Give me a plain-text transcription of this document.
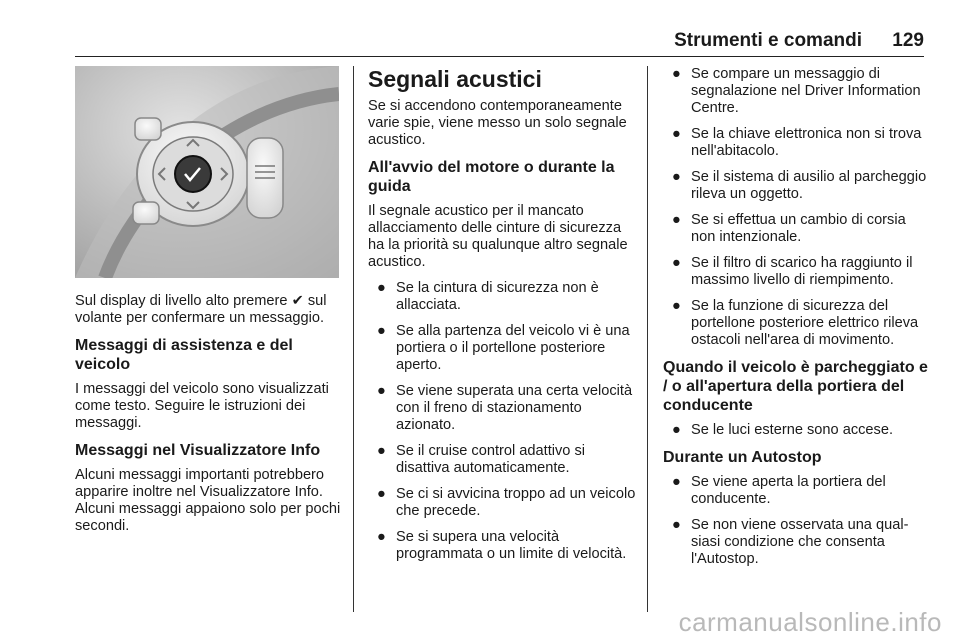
Strumenti e comandi 129

Sul display di livello alto premere ✔ sul volante per confermare un messaggio.

Messaggi di assistenza e del veicolo

I messaggi del veicolo sono visualizzati come testo. Seguire le istruzioni dei messaggi.

Messaggi nel Visualizzatore Info

Alcuni messaggi importanti potrebbero apparire inoltre nel Visualizzatore Info. Alcuni messaggi appaiono solo per pochi secondi.

Segnali acustici

Se si accendono contemporaneamente varie spie, viene messo un solo segnale acustico.

All'avvio del motore o durante la guida

Il segnale acustico per il mancato allacciamento delle cinture di sicurezza ha la priorità su qualunque altro segnale acustico.

● Se la cintura di sicurezza non è allacciata.
● Se alla partenza del veicolo vi è una portiera o il portellone posteriore aperto.
● Se viene superata una certa velocità con il freno di stazionamento azionato.
● Se il cruise control adattivo si disattiva automaticamente.
● Se ci si avvicina troppo ad un veicolo che precede.
● Se si supera una velocità programmata o un limite di velocità.
● Se compare un messaggio di segnalazione nel Driver Information Centre.
● Se la chiave elettronica non si trova nell'abitacolo.
● Se il sistema di ausilio al parcheggio rileva un oggetto.
● Se si effettua un cambio di corsia non intenzionale.
● Se il filtro di scarico ha raggiunto il massimo livello di riempimento.
● Se la funzione di sicurezza del portellone posteriore elettrico rileva ostacoli nell'area di movimento.
Quando il veicolo è parcheggiato e / o all'apertura della portiera del conducente
● Se le luci esterne sono accese.
Durante un Autostop
● Se viene aperta la portiera del conducente.
● Se non viene osservata una qualsiasi condizione che consenta l'Autostop.
carmanualsonline.info
